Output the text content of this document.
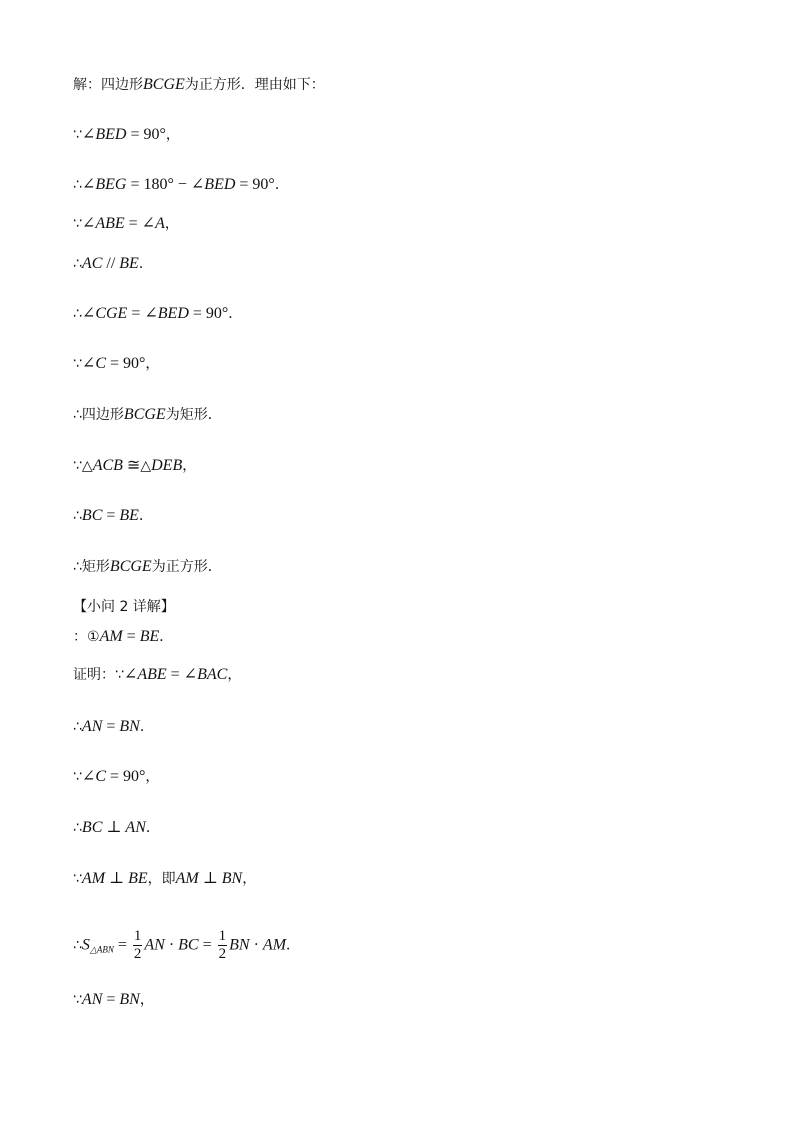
解：四边形BCGE为正方形．理由如下：
∵∠BED = 90°，
∴∠BEG = 180° − ∠BED = 90°．
∵∠ABE = ∠A，
∴AC // BE．
∴∠CGE = ∠BED = 90°．
∵∠C = 90°，
∴四边形BCGE为矩形．
∵△ACB ≅△DEB，
∴BC = BE．
∴矩形BCGE为正方形．
【小问 2 详解】
：①AM = BE．
证明：∵∠ABE = ∠BAC，
∴AN = BN．
∵∠C = 90°，
∴BC ⊥ AN．
∵AM ⊥ BE，即AM ⊥ BN，
$\therefore S_{\triangle ABN} = \frac{1}{2}$ AN · BC = $\frac{1}{2}$ BN · AM．
∵AN = BN，
